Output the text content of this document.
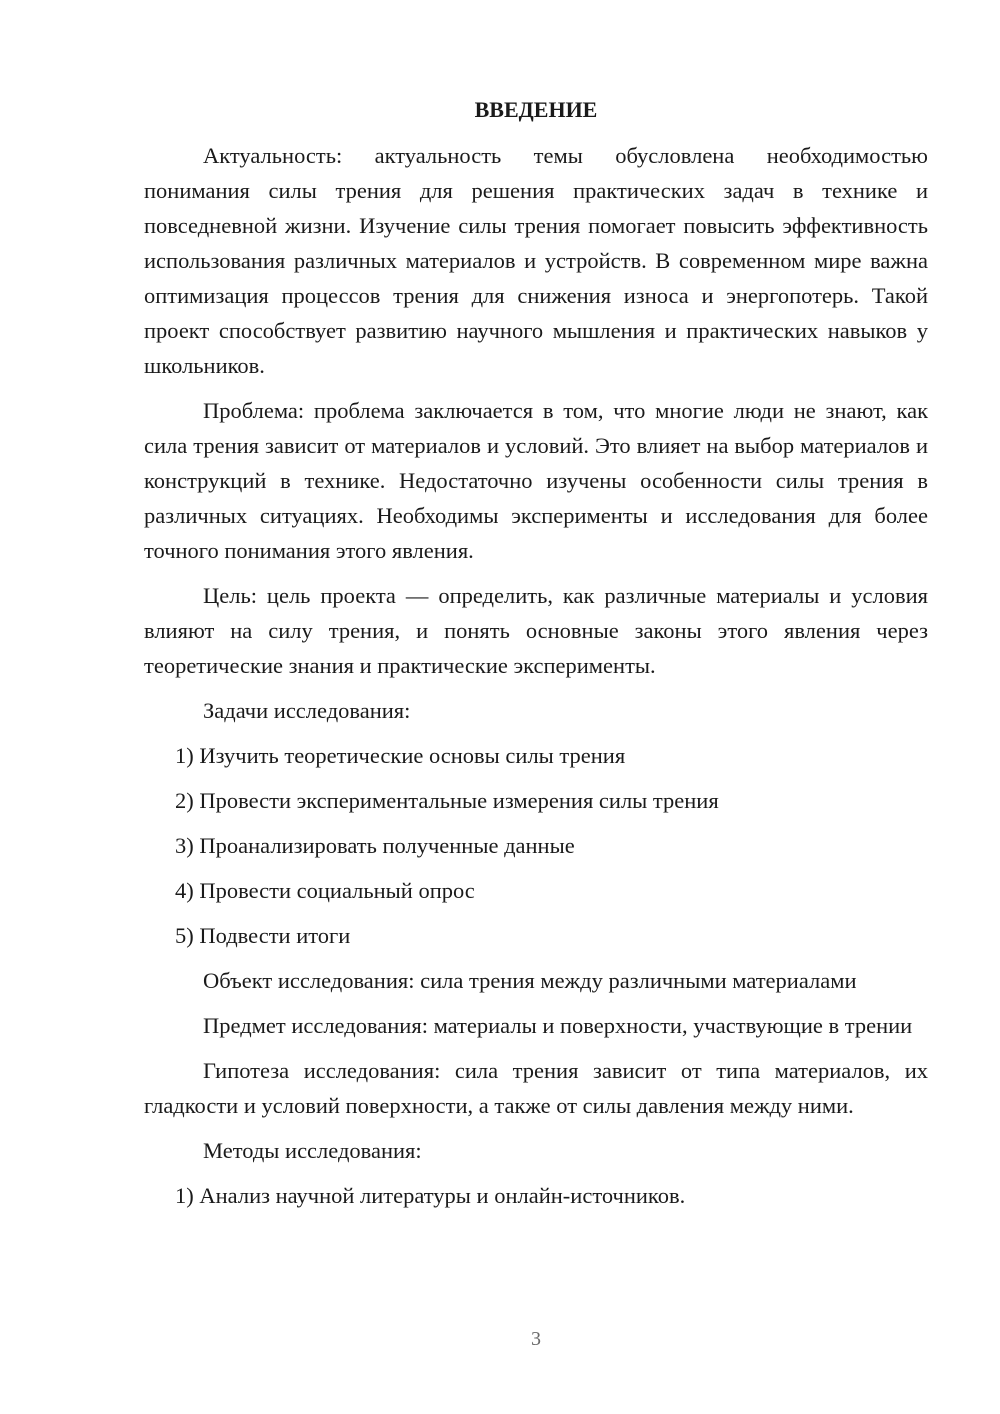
ВВЕДЕНИЕ
Актуальность: актуальность темы обусловлена необходимостью понимания силы трения для решения практических задач в технике и повседневной жизни. Изучение силы трения помогает повысить эффективность использования различных материалов и устройств. В современном мире важна оптимизация процессов трения для снижения износа и энергопотерь. Такой проект способствует развитию научного мышления и практических навыков у школьников.
Проблема: проблема заключается в том, что многие люди не знают, как сила трения зависит от материалов и условий. Это влияет на выбор материалов и конструкций в технике. Недостаточно изучены особенности силы трения в различных ситуациях. Необходимы эксперименты и исследования для более точного понимания этого явления.
Цель: цель проекта — определить, как различные материалы и условия влияют на силу трения, и понять основные законы этого явления через теоретические знания и практические эксперименты.
Задачи исследования:
1) Изучить теоретические основы силы трения
2) Провести экспериментальные измерения силы трения
3) Проанализировать полученные данные
4) Провести социальный опрос
5) Подвести итоги
Объект исследования: сила трения между различными материалами
Предмет исследования: материалы и поверхности, участвующие в трении
Гипотеза исследования: сила трения зависит от типа материалов, их гладкости и условий поверхности, а также от силы давления между ними.
Методы исследования:
1) Анализ научной литературы и онлайн-источников.
3
